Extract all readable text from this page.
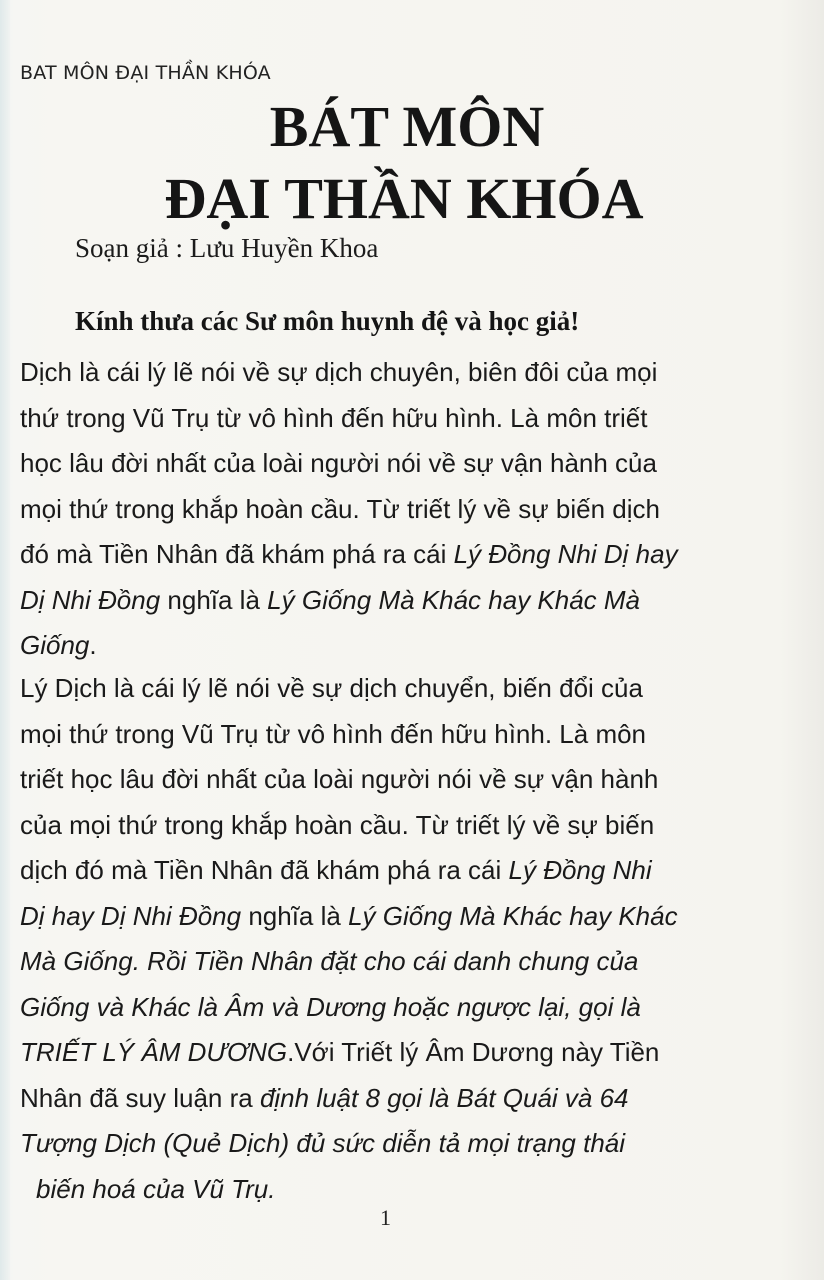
BAT MÔN ĐẠI THẦN KHÓA
BÁT MÔN
ĐẠI THẦN KHÓA
Soạn giả : Lưu Huyền Khoa
Kính thưa các Sư môn huynh đệ và học giả!
Dịch là cái lý lẽ nói về sự dịch chuyên, biên đôi của mọi
thứ trong Vũ Trụ từ vô hình đến hữu hình. Là môn triết
học lâu đời nhất của loài người nói về sự vận hành của
mọi thứ trong khắp hoàn cầu. Từ triết lý về sự biến dịch
đó mà Tiền Nhân đã khám phá ra cái Lý Đồng Nhi Dị hay
Dị Nhi Đồng nghĩa là Lý Giống Mà Khác hay Khác Mà
Giống.
Lý Dịch là cái lý lẽ nói về sự dịch chuyển, biến đổi của
mọi thứ trong Vũ Trụ từ vô hình đến hữu hình. Là môn
triết học lâu đời nhất của loài người nói về sự vận hành
của mọi thứ trong khắp hoàn cầu. Từ triết lý về sự biến
dịch đó mà Tiền Nhân đã khám phá ra cái Lý Đồng Nhi
Dị hay Dị Nhi Đồng nghĩa là Lý Giống Mà Khác hay Khác
Mà Giống. Rồi Tiền Nhân đặt cho cái danh chung của
Giống và Khác là Âm và Dương hoặc ngược lại, gọi là
TRIẾT LÝ ÂM DƯƠNG.Với Triết lý Âm Dương này Tiền
Nhân đã suy luận ra định luật 8 gọi là Bát Quái và 64
Tượng Dịch (Quẻ Dịch) đủ sức diễn tả mọi trạng thái
biến hoá của Vũ Trụ.
1
